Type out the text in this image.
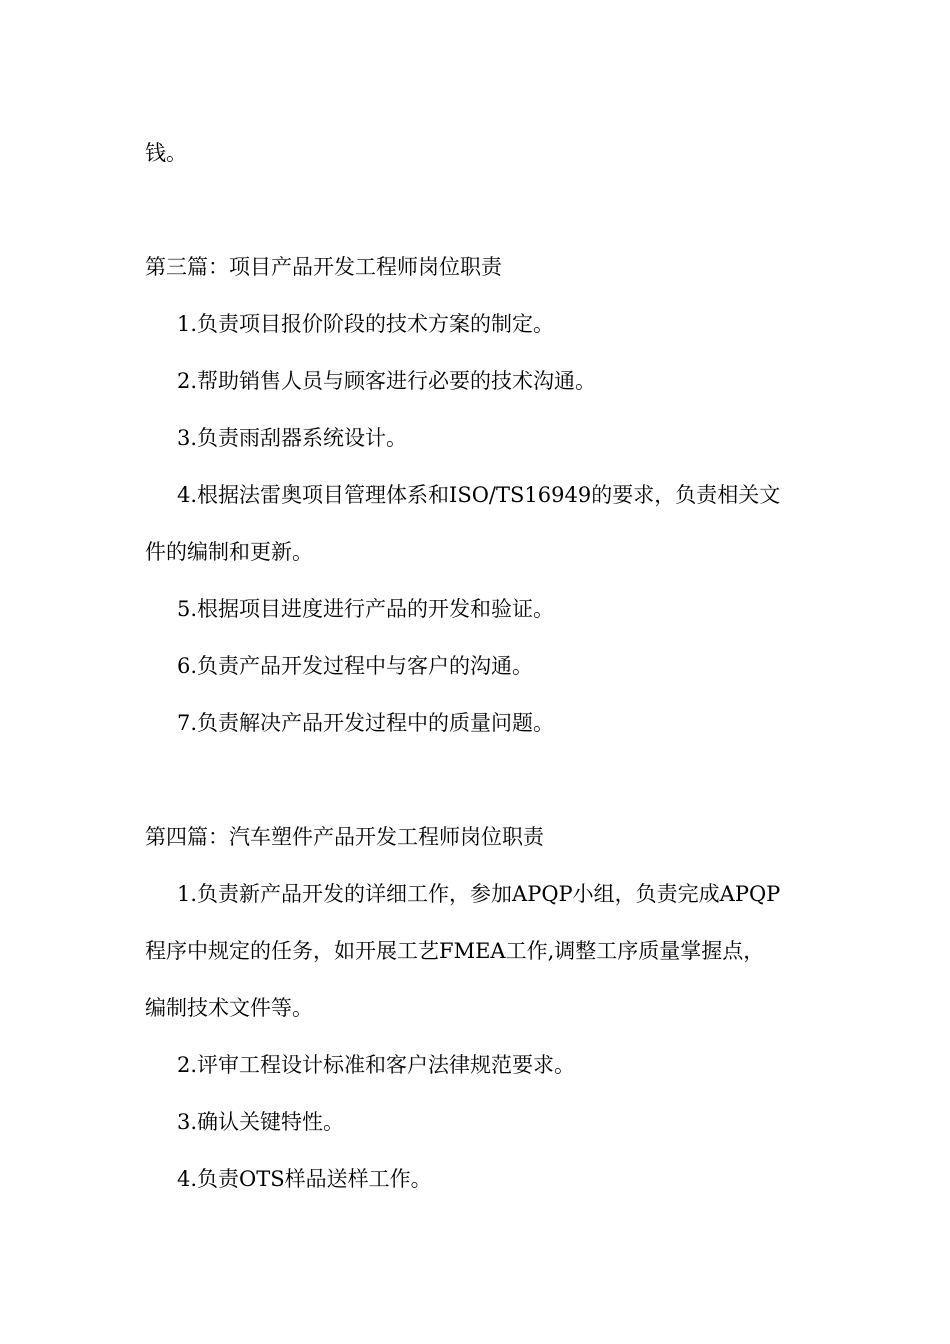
钱。
第三篇：项目产品开发工程师岗位职责
1.负责项目报价阶段的技术方案的制定。
2.帮助销售人员与顾客进行必要的技术沟通。
3.负责雨刮器系统设计。
4.根据法雷奥项目管理体系和ISO/TS16949的要求，负责相关文
件的编制和更新。
5.根据项目进度进行产品的开发和验证。
6.负责产品开发过程中与客户的沟通。
7.负责解决产品开发过程中的质量问题。
第四篇：汽车塑件产品开发工程师岗位职责
1.负责新产品开发的详细工作，参加APQP小组，负责完成APQP
程序中规定的任务，如开展工艺FMEA工作,调整工序质量掌握点，
编制技术文件等。
2.评审工程设计标准和客户法律规范要求。
3.确认关键特性。
4.负责OTS样品送样工作。
